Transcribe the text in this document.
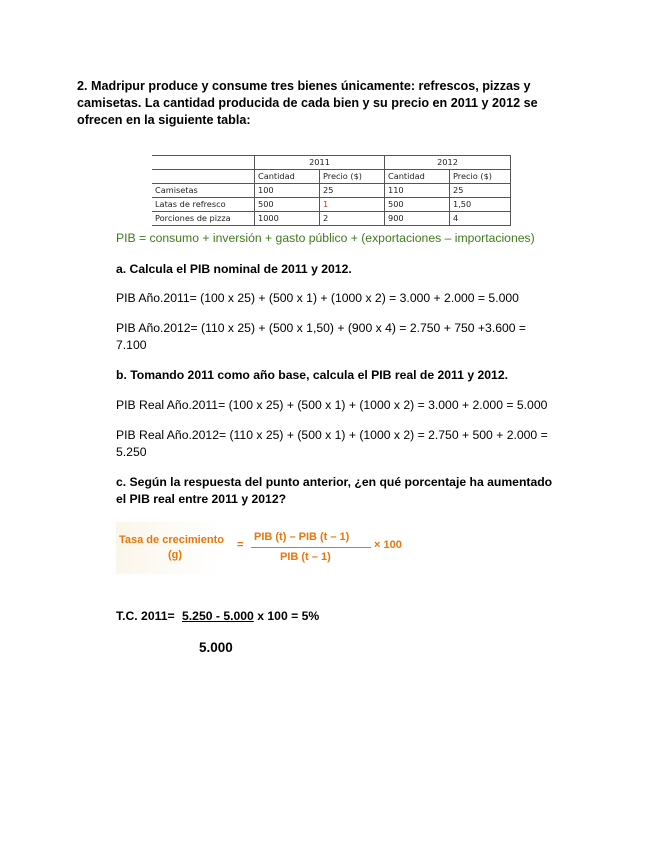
2. Madripur produce y consume tres bienes únicamente: refrescos, pizzas y
camisetas. La cantidad producida de cada bien y su precio en 2011 y 2012 se
ofrecen en la siguiente tabla:
	2011		2012	
	Cantidad	Precio ($)	Cantidad	Precio ($)
Camisetas	100	25	110	25
Latas de refresco	500	1	500	1,50
Porciones de pizza	1000	2	900	4
PIB = consumo + inversión + gasto público + (exportaciones – importaciones)
a. Calcula el PIB nominal de 2011 y 2012.
PIB Año.2011= (100 x 25) + (500 x 1) + (1000 x 2) = 3.000 + 2.000 = 5.000
PIB Año.2012= (110 x 25) + (500 x 1,50) + (900 x 4) = 2.750 + 750 +3.600 =
7.100
b. Tomando 2011 como año base, calcula el PIB real de 2011 y 2012.
PIB Real Año.2011= (100 x 25) + (500 x 1) + (1000 x 2) = 3.000 + 2.000 = 5.000
PIB Real Año.2012= (110 x 25) + (500 x 1) + (1000 x 2) = 2.750 + 500 + 2.000 =
5.250
c. Según la respuesta del punto anterior, ¿en qué porcentaje ha aumentado
el PIB real entre 2011 y 2012?
Tasa de crecimiento
(g)
=
PIB (t) – PIB (t – 1)
PIB (t – 1)
× 100
T.C. 2011= 5.250 - 5.000 x 100 = 5%
5.000
